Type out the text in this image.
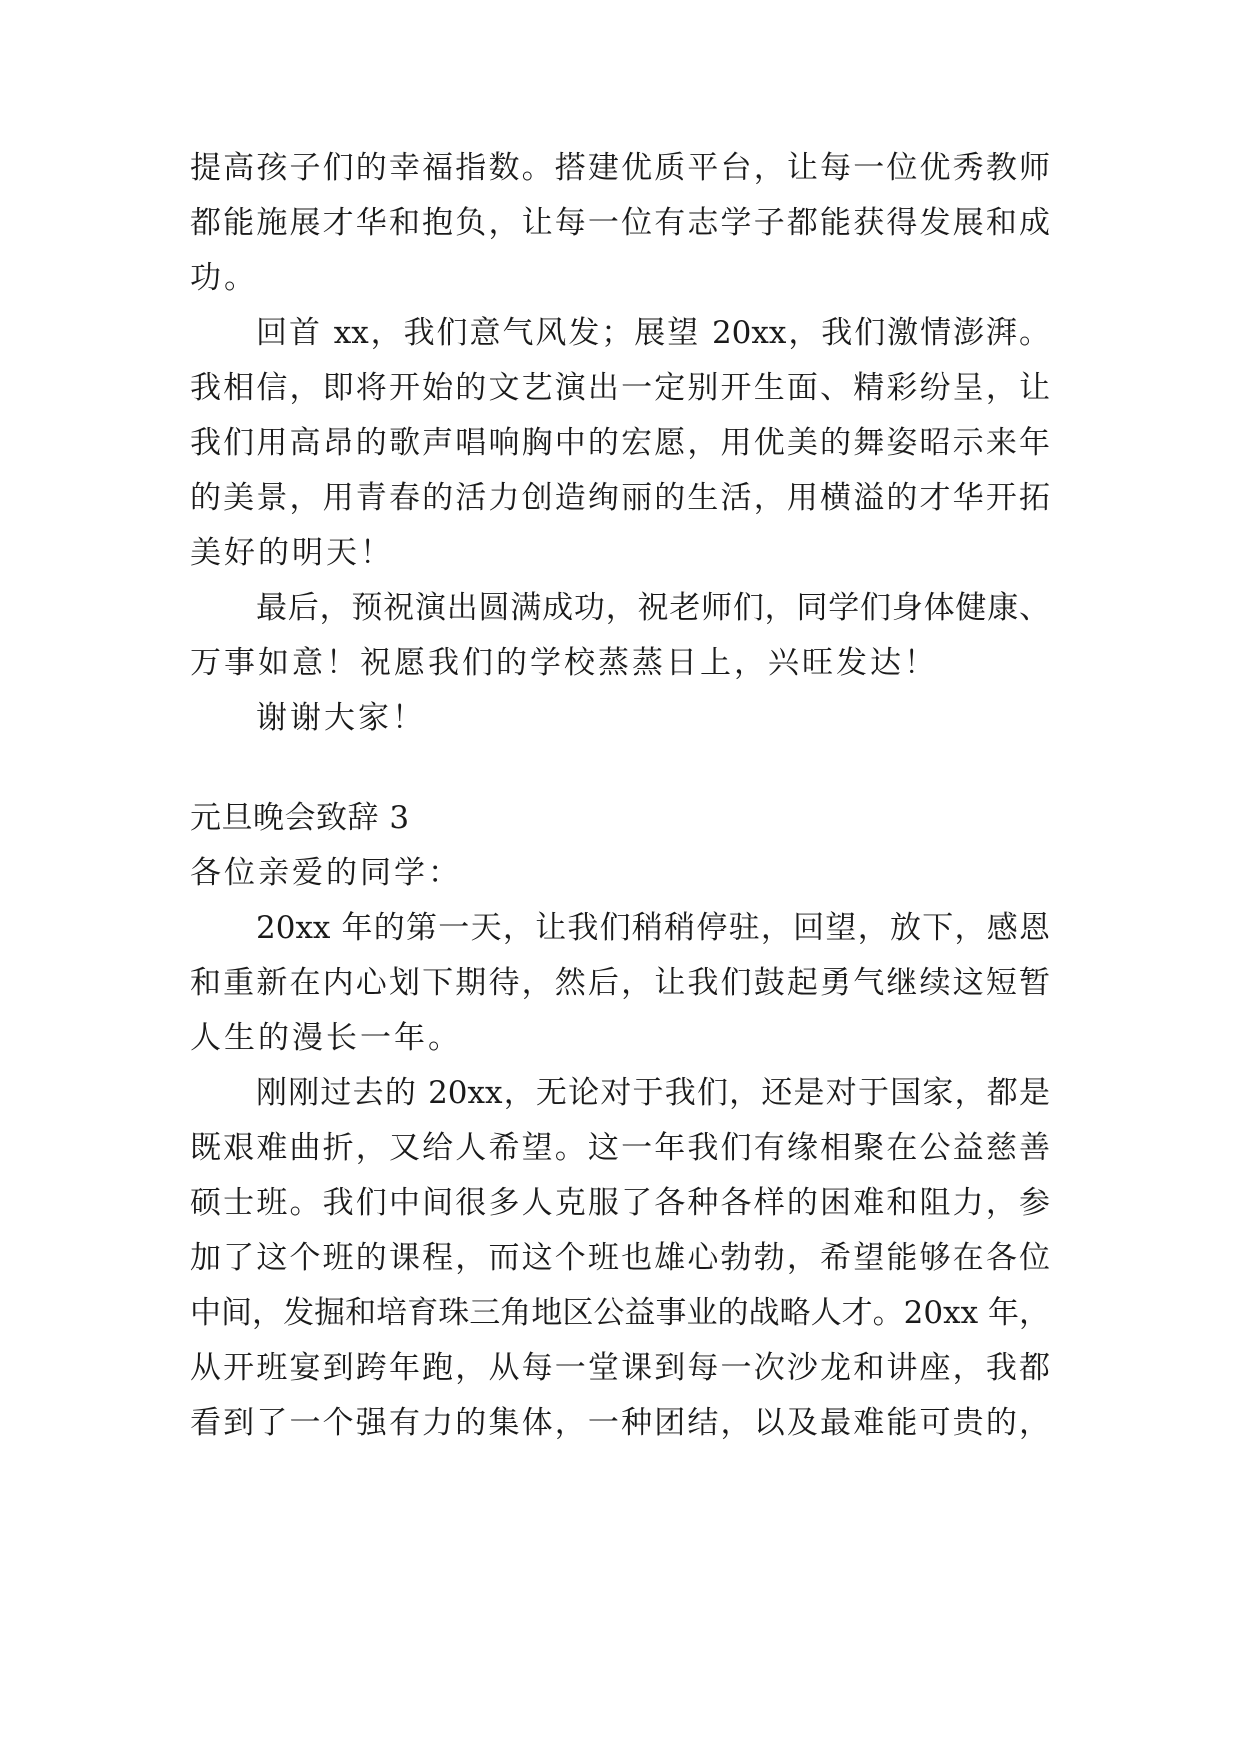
提高孩子们的幸福指数。搭建优质平台，让每一位优秀教师
都能施展才华和抱负，让每一位有志学子都能获得发展和成
功。
回首 xx，我们意气风发；展望 20xx，我们激情澎湃。
我相信，即将开始的文艺演出一定别开生面、精彩纷呈，让
我们用高昂的歌声唱响胸中的宏愿，用优美的舞姿昭示来年
的美景，用青春的活力创造绚丽的生活，用横溢的才华开拓
美好的明天！
最后，预祝演出圆满成功，祝老师们，同学们身体健康、
万事如意！祝愿我们的学校蒸蒸日上，兴旺发达！
谢谢大家！
元旦晚会致辞 3
各位亲爱的同学：
20xx 年的第一天，让我们稍稍停驻，回望，放下，感恩
和重新在内心划下期待，然后，让我们鼓起勇气继续这短暂
人生的漫长一年。
刚刚过去的 20xx，无论对于我们，还是对于国家，都是
既艰难曲折，又给人希望。这一年我们有缘相聚在公益慈善
硕士班。我们中间很多人克服了各种各样的困难和阻力，参
加了这个班的课程，而这个班也雄心勃勃，希望能够在各位
中间，发掘和培育珠三角地区公益事业的战略人才。20xx 年，
从开班宴到跨年跑，从每一堂课到每一次沙龙和讲座，我都
看到了一个强有力的集体，一种团结，以及最难能可贵的，
